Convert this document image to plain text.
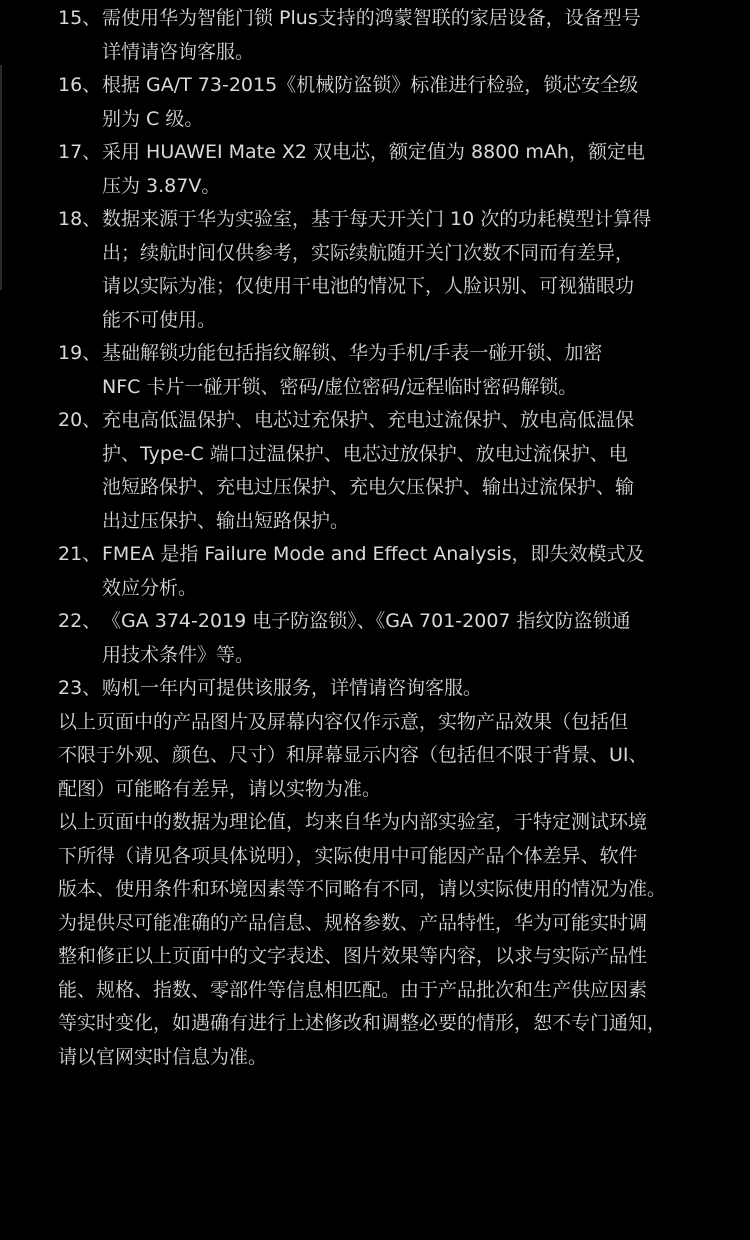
15、 需使用华为智能门锁 Plus支持的鸿蒙智联的家居设备，设备型号
详情请咨询客服。
16、 根据 GA/T 73-2015《机械防盗锁》标准进行检验，锁芯安全级
别为 C 级。
17、 采用 HUAWEI Mate X2 双电芯，额定值为 8800 mAh，额定电
压为 3.87V。
18、 数据来源于华为实验室，基于每天开关门 10 次的功耗模型计算得
出；续航时间仅供参考，实际续航随开关门次数不同而有差异，
请以实际为准；仅使用干电池的情况下，人脸识别、可视猫眼功
能不可使用。
19、 基础解锁功能包括指纹解锁、华为手机/手表一碰开锁、加密
NFC 卡片一碰开锁、密码/虚位密码/远程临时密码解锁。
20、 充电高低温保护、电芯过充保护、充电过流保护、放电高低温保
护、Type-C 端口过温保护、电芯过放保护、放电过流保护、电
池短路保护、充电过压保护、充电欠压保护、输出过流保护、输
出过压保护、输出短路保护。
21、 FMEA 是指 Failure Mode and Effect Analysis，即失效模式及
效应分析。
22、 《GA 374-2019 电子防盗锁》、《GA 701-2007 指纹防盗锁通
用技术条件》等。
23、 购机一年内可提供该服务，详情请咨询客服。
以上页面中的产品图片及屏幕内容仅作示意，实物产品效果（包括但
不限于外观、颜色、尺寸）和屏幕显示内容（包括但不限于背景、UI、
配图）可能略有差异，请以实物为准。
以上页面中的数据为理论值，均来自华为内部实验室，于特定测试环境
下所得（请见各项具体说明），实际使用中可能因产品个体差异、软件
版本、使用条件和环境因素等不同略有不同，请以实际使用的情况为准。
为提供尽可能准确的产品信息、规格参数、产品特性，华为可能实时调
整和修正以上页面中的文字表述、图片效果等内容，以求与实际产品性
能、规格、指数、零部件等信息相匹配。由于产品批次和生产供应因素
等实时变化，如遇确有进行上述修改和调整必要的情形，恕不专门通知，
请以官网实时信息为准。
